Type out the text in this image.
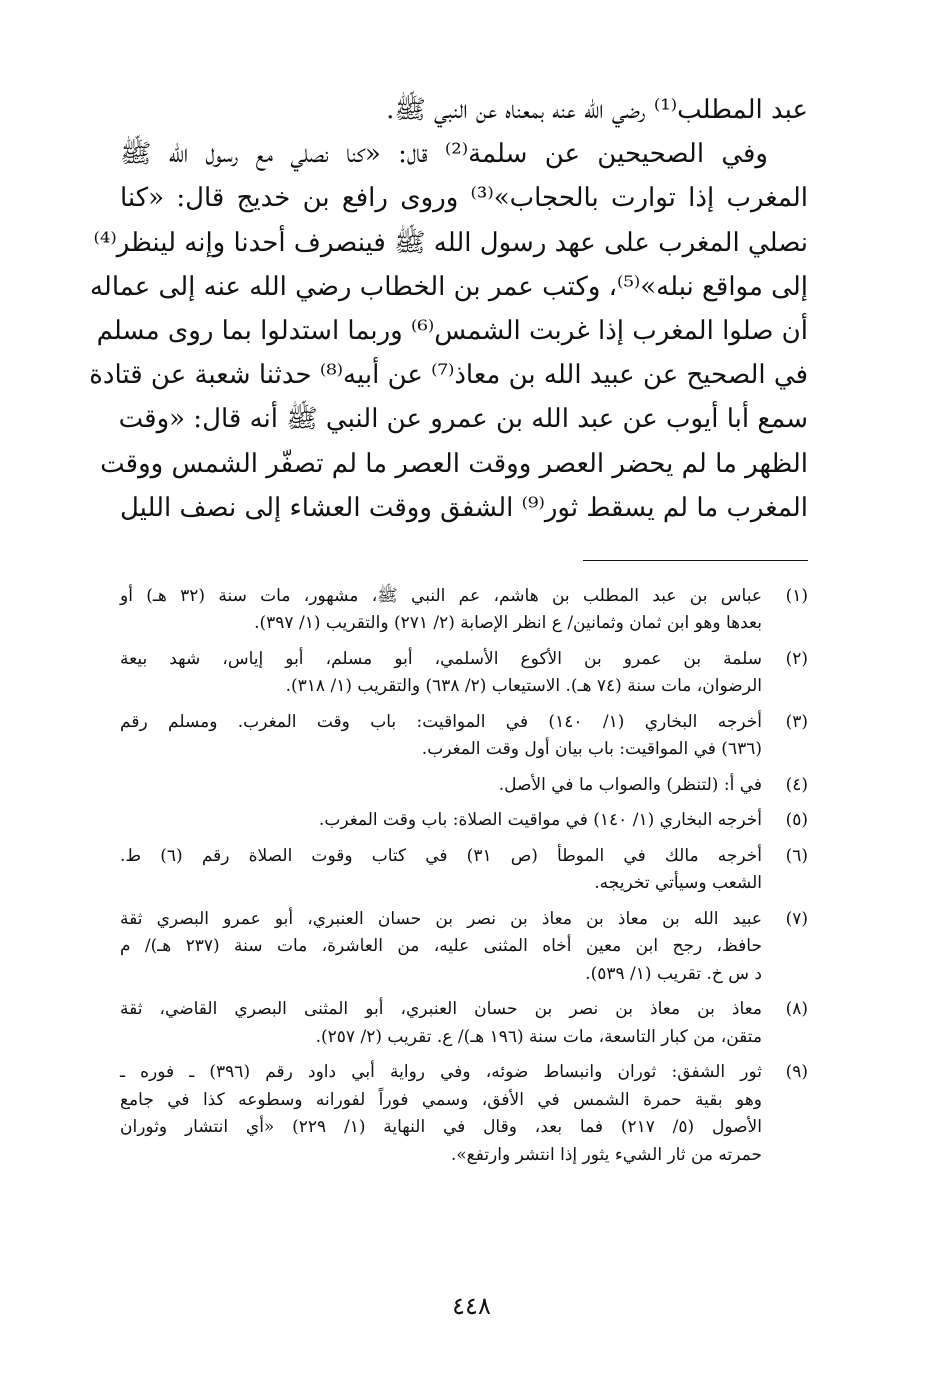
عبد المطلب⁽¹⁾ رضي الله عنه بمعناه عن النبي ﷺ.
وفي الصحيحين عن سلمة⁽²⁾ قال: «كنا نصلي مع رسول الله ﷺ
المغرب إذا توارت بالحجاب»⁽³⁾ وروى رافع بن خديج قال: «كنا
نصلي المغرب على عهد رسول الله ﷺ فينصرف أحدنا وإنه لينظر⁽⁴⁾
إلى مواقع نبله»⁽⁵⁾، وكتب عمر بن الخطاب رضي الله عنه إلى عماله
أن صلوا المغرب إذا غربت الشمس⁽⁶⁾ وربما استدلوا بما روى مسلم
في الصحيح عن عبيد الله بن معاذ⁽⁷⁾ عن أبيه⁽⁸⁾ حدثنا شعبة عن قتادة
سمع أبا أيوب عن عبد الله بن عمرو عن النبي ﷺ أنه قال: «وقت
الظهر ما لم يحضر العصر ووقت العصر ما لم تصفّر الشمس ووقت
المغرب ما لم يسقط ثور⁽⁹⁾ الشفق ووقت العشاء إلى نصف الليل
(١)
عباس بن عبد المطلب بن هاشم، عم النبي ﷺ، مشهور، مات سنة (٣٢ هـ) أو
بعدها وهو ابن ثمان وثمانين/ ع انظر الإصابة (٢/ ٢٧١) والتقريب (١/ ٣٩٧).
(٢)
سلمة بن عمرو بن الأكوع الأسلمي، أبو مسلم، أبو إياس، شهد بيعة
الرضوان، مات سنة (٧٤ هـ). الاستيعاب (٢/ ٦٣٨) والتقريب (١/ ٣١٨).
(٣)
أخرجه البخاري (١/ ١٤٠) في المواقيت: باب وقت المغرب. ومسلم رقم
(٦٣٦) في المواقيت: باب بيان أول وقت المغرب.
(٤)
في أ: (لتنظر) والصواب ما في الأصل.
(٥)
أخرجه البخاري (١/ ١٤٠) في مواقيت الصلاة: باب وقت المغرب.
(٦)
أخرجه مالك في الموطأ (ص ٣١) في كتاب وقوت الصلاة رقم (٦) ط.
الشعب وسيأتي تخريجه.
(٧)
عبيد الله بن معاذ بن معاذ بن نصر بن حسان العنبري، أبو عمرو البصري ثقة
حافظ، رجح ابن معين أخاه المثنى عليه، من العاشرة، مات سنة (٢٣٧ هـ)/ م
د س خ. تقريب (١/ ٥٣٩).
(٨)
معاذ بن معاذ بن نصر بن حسان العنبري، أبو المثنى البصري القاضي، ثقة
متقن، من كبار التاسعة، مات سنة (١٩٦ هـ)/ ع. تقريب (٢/ ٢٥٧).
(٩)
ثور الشفق: ثوران وانبساط ضوئه، وفي رواية أبي داود رقم (٣٩٦) ـ فوره ـ
وهو بقية حمرة الشمس في الأفق، وسمي فوراً لفورانه وسطوعه كذا في جامع
الأصول (٥/ ٢١٧) فما بعد، وقال في النهاية (١/ ٢٢٩) «أي انتشار وثوران
حمرته من ثار الشيء يثور إذا انتشر وارتفع».
٤٤٨
